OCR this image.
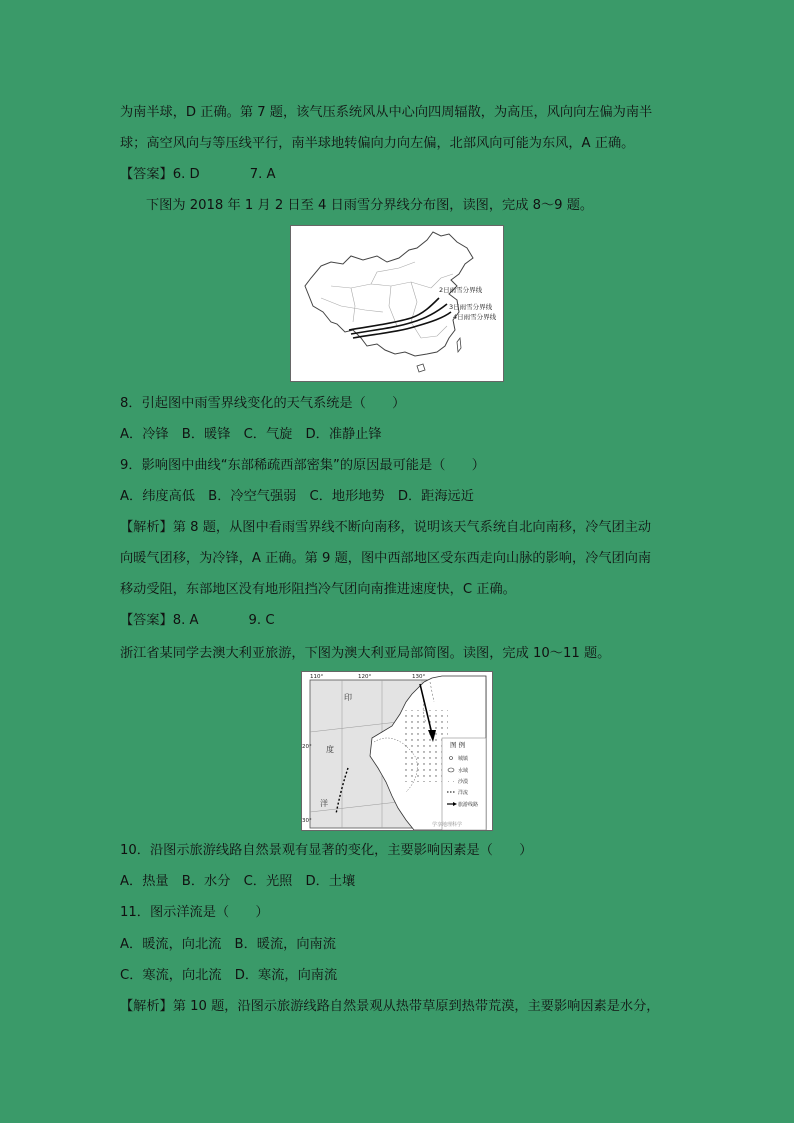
为南半球，D 正确。第 7 题，该气压系统风从中心向四周辐散，为高压，风向向左偏为南半
球；高空风向与等压线平行，南半球地转偏向力向左偏，北部风向可能为东风，A 正确。
【答案】6. D	7. A
下图为 2018 年 1 月 2 日至 4 日雨雪分界线分布图，读图，完成 8～9 题。
2日雨雪分界线
3日雨雪分界线
4日雨雪分界线
8．引起图中雨雪界线变化的天气系统是（　　）
A．冷锋　B．暖锋　C．气旋　D．准静止锋
9．影响图中曲线“东部稀疏西部密集”的原因最可能是（　　）
A．纬度高低　B．冷空气强弱　C．地形地势　D．距海远近
【解析】第 8 题，从图中看雨雪界线不断向南移，说明该天气系统自北向南移，冷气团主动
向暖气团移，为冷锋，A 正确。第 9 题，图中西部地区受东西走向山脉的影响，冷气团向南
移动受阻，东部地区没有地形阻挡冷气团向南推进速度快，C 正确。
【答案】8. A	9. C
浙江省某同学去澳大利亚旅游，下图为澳大利亚局部简图。读图，完成 10～11 题。
图 例
城镇
水域
沙漠
洋流
旅游线路
学享地理科学
110°	120°	130°
20°
30°
印
度
洋
10．沿图示旅游线路自然景观有显著的变化，主要影响因素是（　　）
A．热量　B．水分　C．光照　D．土壤
11．图示洋流是（　　）
A．暖流，向北流　B．暖流，向南流
C．寒流，向北流　D．寒流，向南流
【解析】第 10 题，沿图示旅游线路自然景观从热带草原到热带荒漠，主要影响因素是水分，
